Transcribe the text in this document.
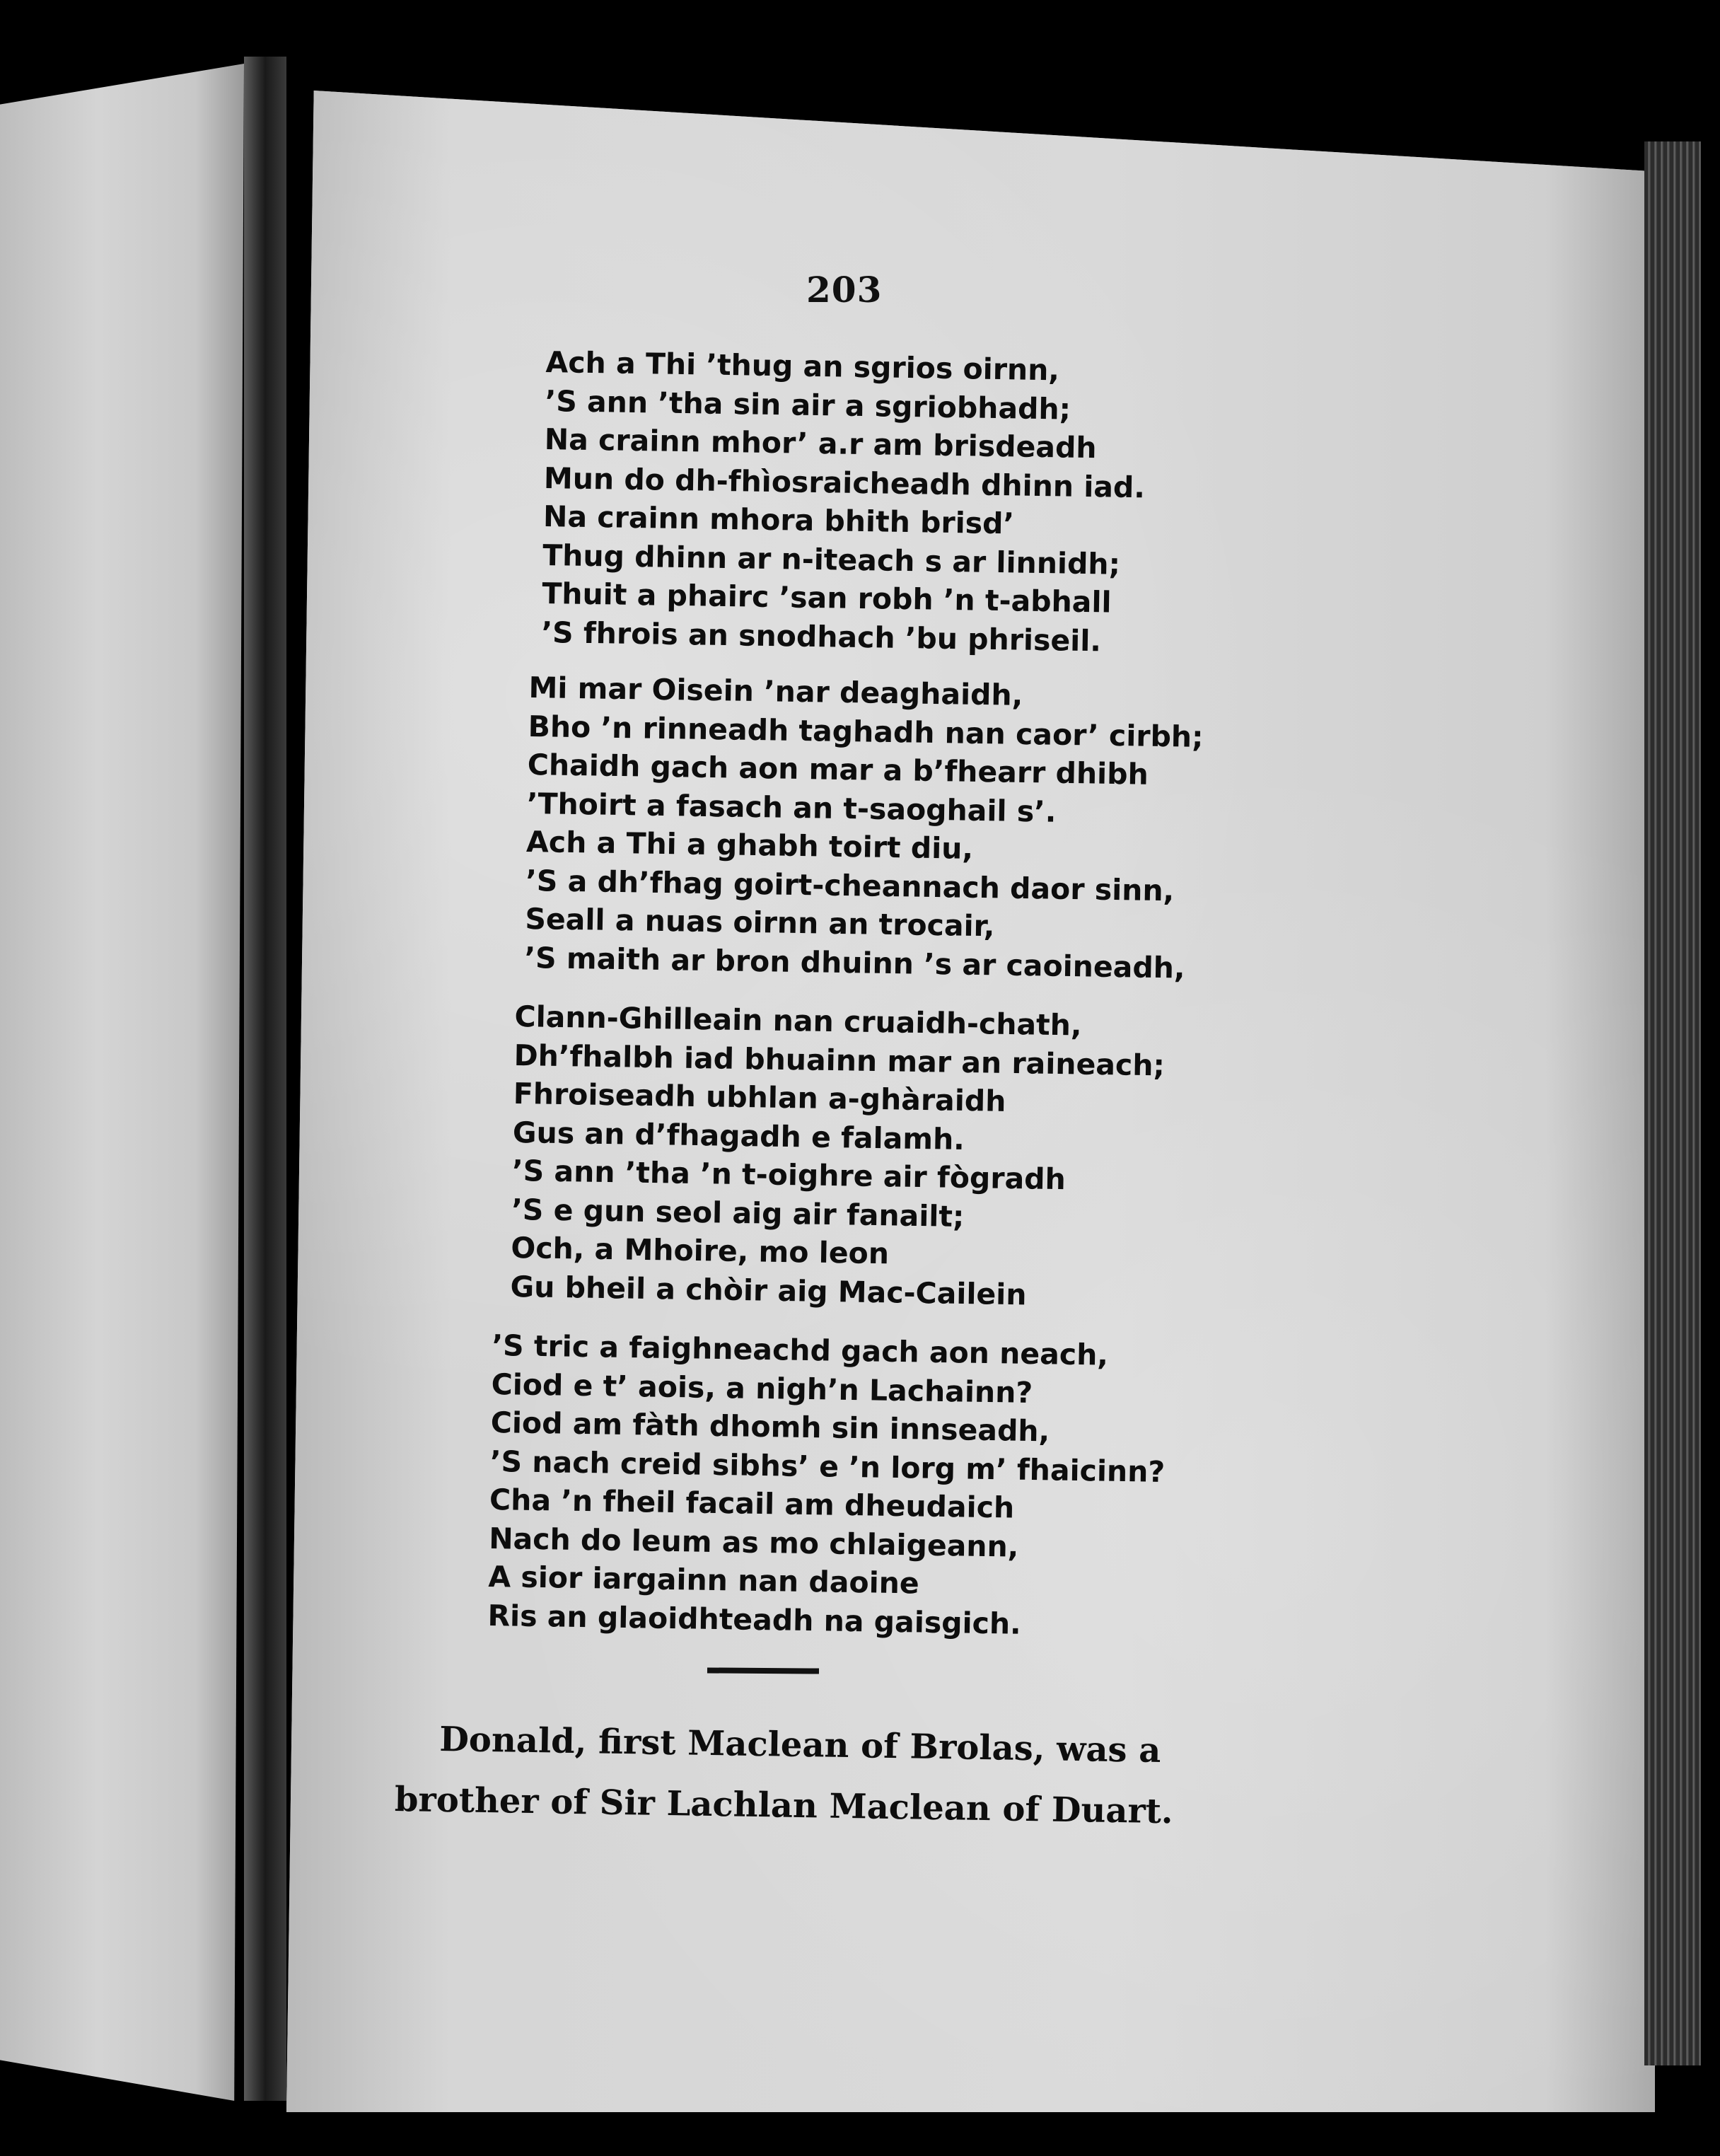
203
Ach a Thi ’thug an sgrios oirnn,
’S ann ’tha sin air a sgriobhadh;
Na crainn mhor’ a.r am brisdeadh
Mun do dh-fhìosraicheadh dhinn iad.
Na crainn mhora bhith brisd’
Thug dhinn ar n-iteach s ar linnidh;
Thuit a phairc ’san robh ’n t-abhall
’S fhrois an snodhach ’bu phriseil.
Mi mar Oisein ’nar deaghaidh,
Bho ’n rinneadh taghadh nan caor’ cirbh;
Chaidh gach aon mar a b’fhearr dhibh
’Thoirt a fasach an t-saoghail s’.
Ach a Thi a ghabh toirt diu,
’S a dh’fhag goirt-cheannach daor sinn,
Seall a nuas oirnn an trocair,
’S maith ar bron dhuinn ’s ar caoineadh,
Clann-Ghilleain nan cruaidh-chath,
Dh’fhalbh iad bhuainn mar an raineach;
Fhroiseadh ubhlan a-ghàraidh
Gus an d’fhagadh e falamh.
’S ann ’tha ’n t-oighre air fògradh
’S e gun seol aig air fanailt;
Och, a Mhoire, mo leon
Gu bheil a chòir aig Mac-Cailein
’S tric a faighneachd gach aon neach,
Ciod e t’ aois, a nigh’n Lachainn?
Ciod am fàth dhomh sin innseadh,
’S nach creid sibhs’ e ’n lorg m’ fhaicinn?
Cha ’n fheil facail am dheudaich
Nach do leum as mo chlaigeann,
A sior iargainn nan daoine
Ris an glaoidhteadh na gaisgich.
Donald, first Maclean of Brolas, was a
brother of Sir Lachlan Maclean of Duart.
